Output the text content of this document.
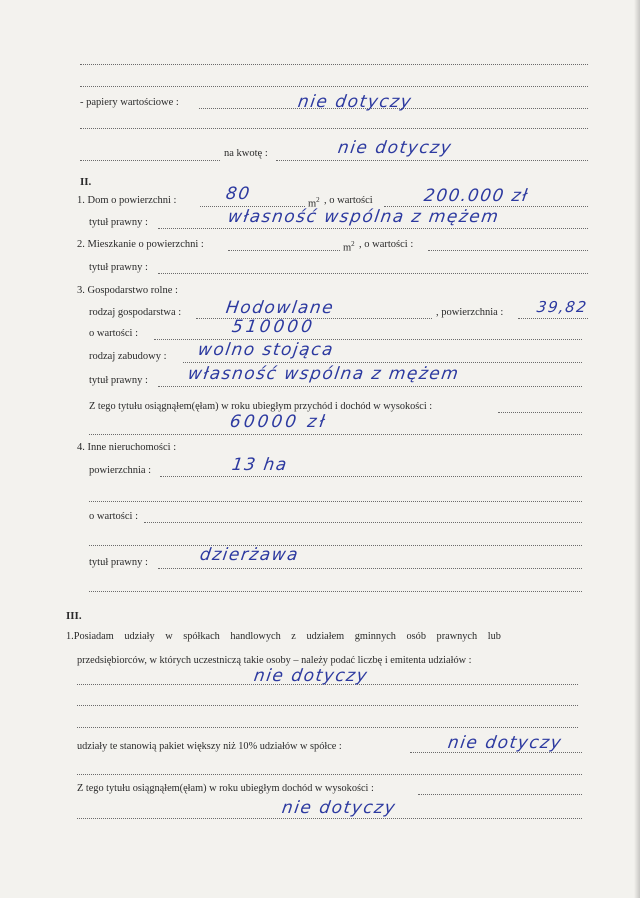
- papiery wartościowe :	nie dotyczy
na kwotę :	nie dotyczy
II.
1. Dom o powierzchni :	80	$m^2$ , o wartości	200.000 zł
tytuł prawny :	własność wspólna z mężem
2. Mieszkanie o powierzchni :	$m^2$ , o wartości :
tytuł prawny :
3. Gospodarstwo rolne :
rodzaj gospodarstwa :	Hodowlane	, powierzchnia : 39,82
o wartości :	510000
rodzaj zabudowy : wolno stojąca
tytuł prawny : własność wspólna z mężem
Z tego tytułu osiągnąłem(ęłam) w roku ubiegłym przychód i dochód w wysokości :
60000 zł
4. Inne nieruchomości :
powierzchnia :	13 ha
o wartości :
tytuł prawny :	dzierżawa
III.
1.Posiadam udziały w spółkach handlowych z udziałem gminnych osób prawnych lub
przedsiębiorców, w których uczestniczą takie osoby – należy podać liczbę i emitenta udziałów :
nie dotyczy
udziały te stanowią pakiet większy niż 10% udziałów w spółce :	nie dotyczy
Z tego tytułu osiągnąłem(ęłam) w roku ubiegłym dochód w wysokości :
nie dotyczy
